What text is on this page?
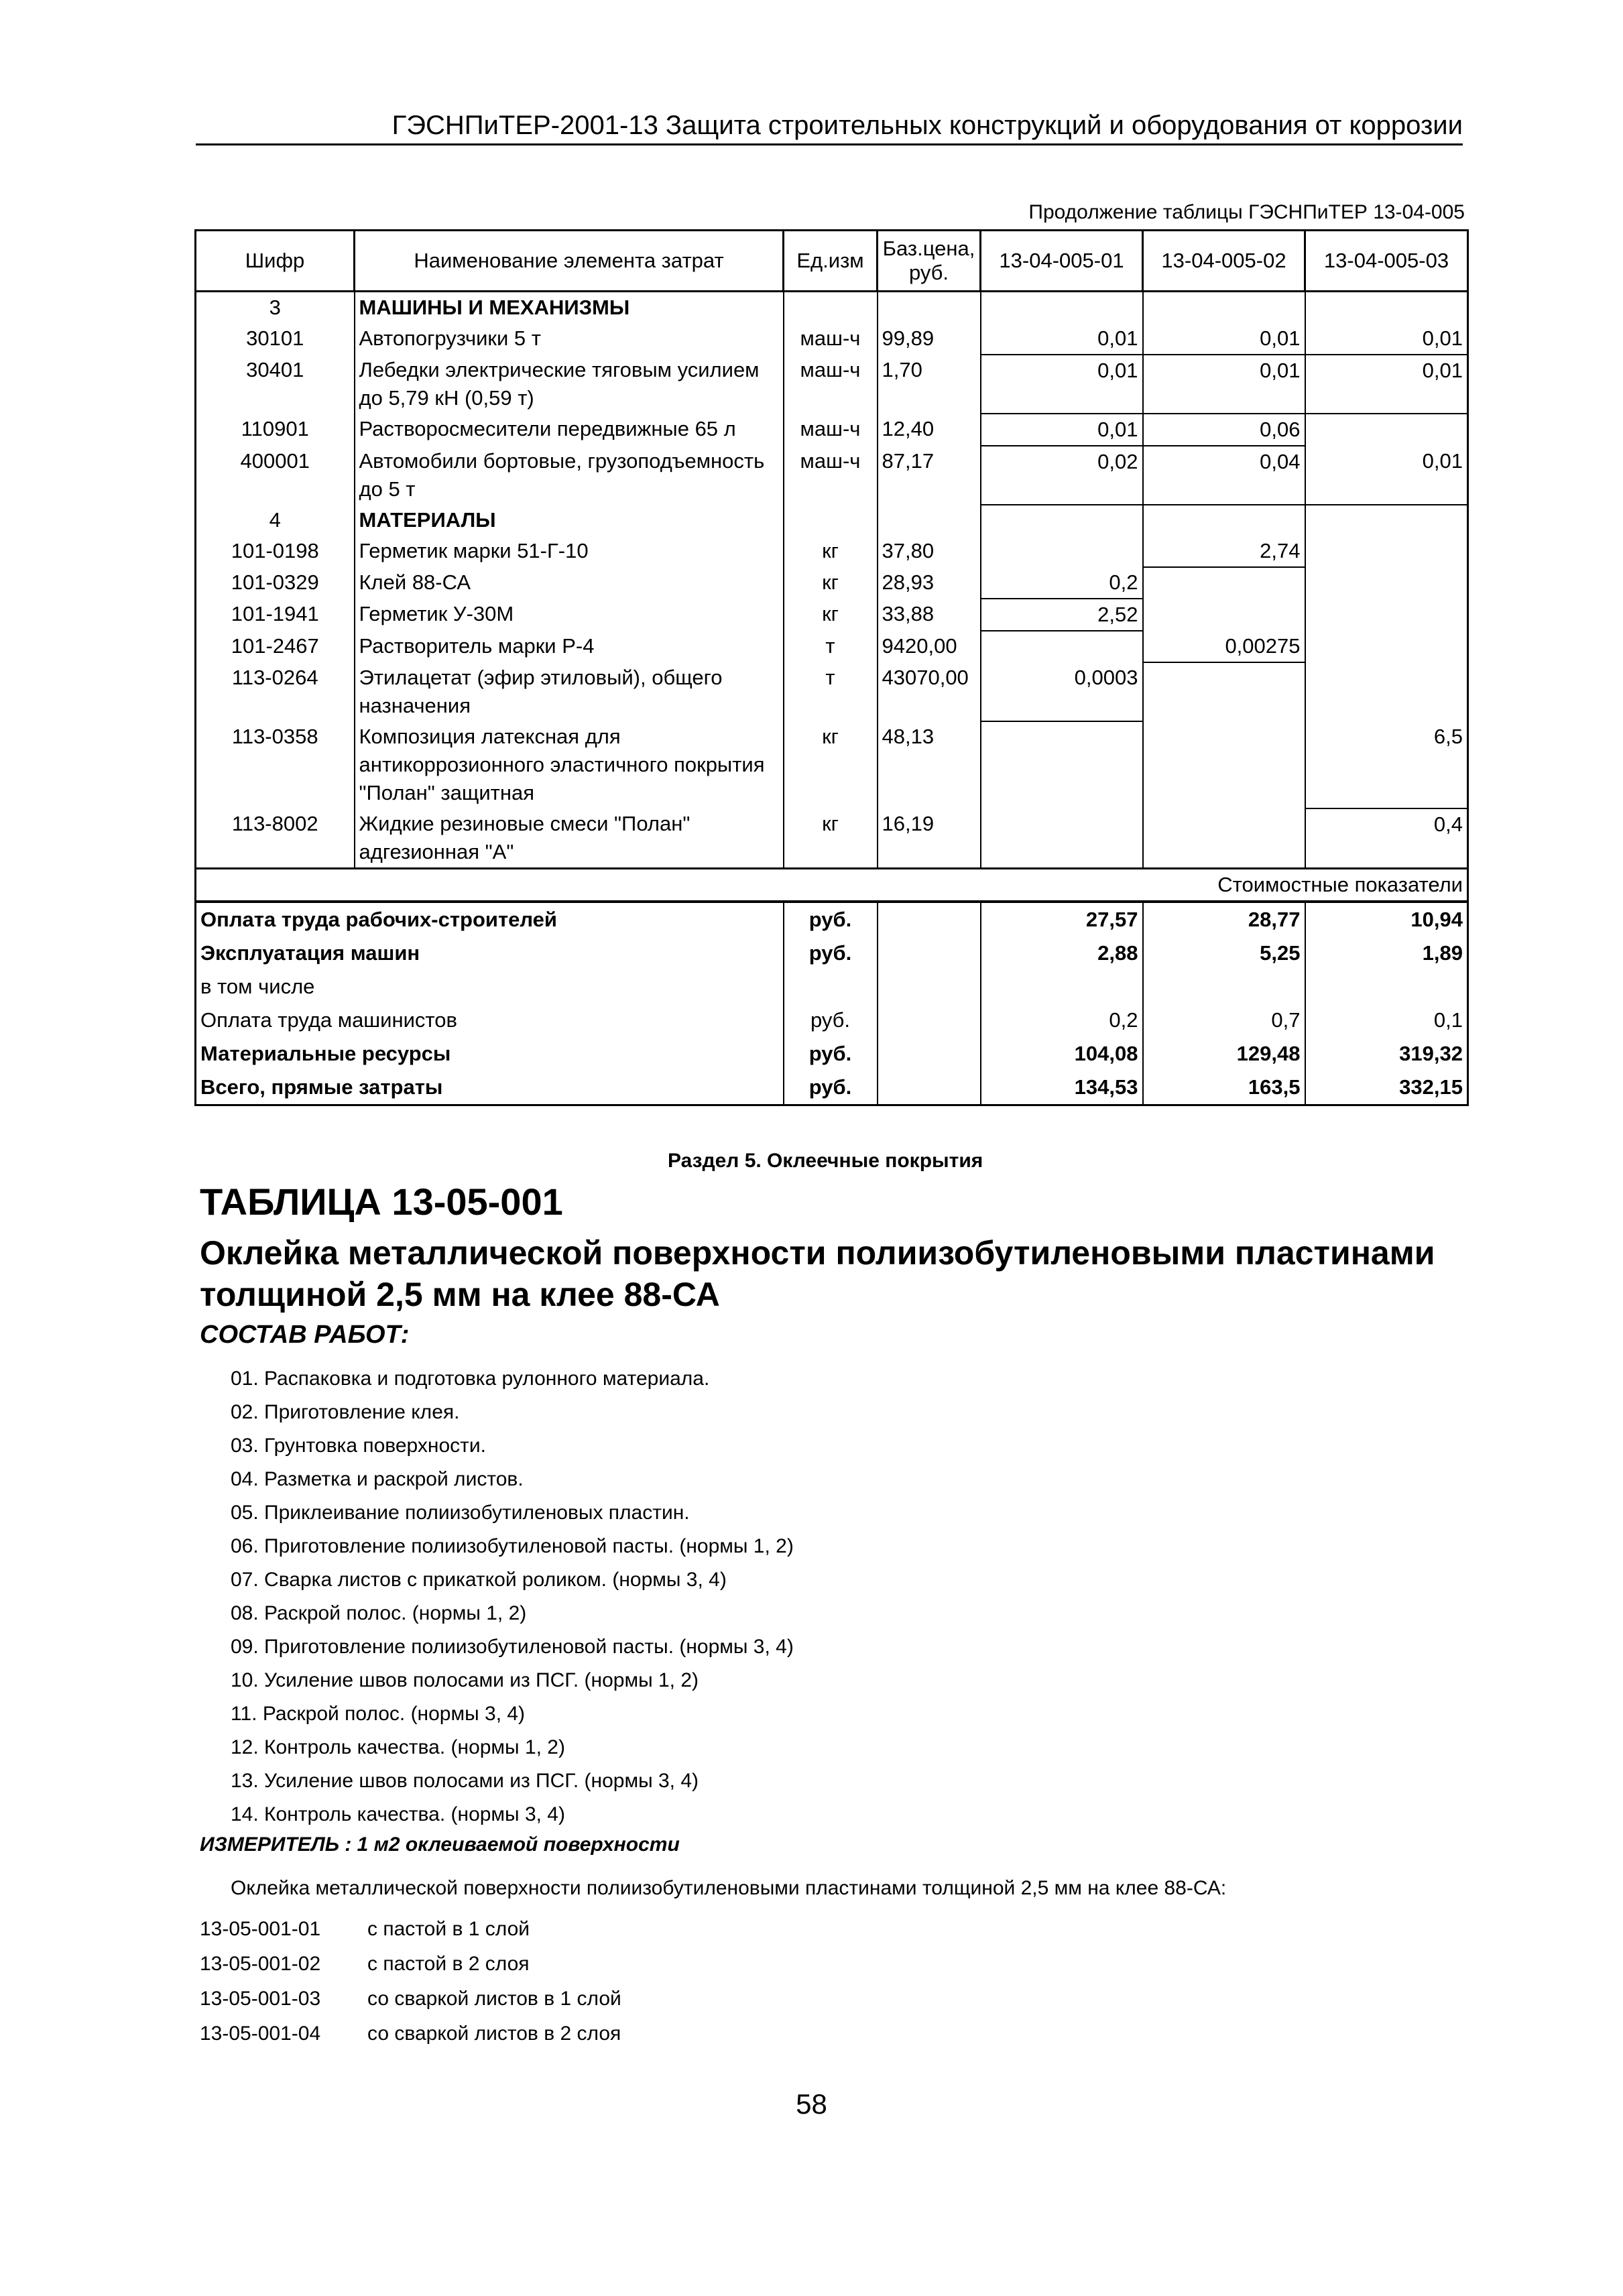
ГЭСНПиТЕР-2001-13 Защита строительных конструкций и оборудования от коррозии
Продолжение таблицы ГЭСНПиТЕР 13-04-005
Шифр	Наименование элемента затрат	Ед.изм	Баз.цена, руб.	13-04-005-01	13-04-005-02	13-04-005-03
3	МАШИНЫ И МЕХАНИЗМЫ					
30101	Автопогрузчики 5 т	маш-ч	99,89	0,01	0,01	0,01
30401	Лебедки электрические тяговым усилием до 5,79 кН (0,59 т)	маш-ч	1,70	0,01	0,01	0,01
110901	Растворосмесители передвижные 65 л	маш-ч	12,40	0,01	0,06	
400001	Автомобили бортовые, грузоподъемность до 5 т	маш-ч	87,17	0,02	0,04	0,01
4	МАТЕРИАЛЫ					
101-0198	Герметик марки 51-Г-10	кг	37,80		2,74	
101-0329	Клей 88-СА	кг	28,93	0,2		
101-1941	Герметик У-30М	кг	33,88	2,52		
101-2467	Растворитель марки Р-4	т	9420,00		0,00275	
113-0264	Этилацетат (эфир этиловый), общего назначения	т	43070,00	0,0003		
113-0358	Композиция латексная для антикоррозионного эластичного покрытия "Полан" защитная	кг	48,13			6,5
113-8002	Жидкие резиновые смеси "Полан" адгезионная "А"	кг	16,19			0,4
Стоимостные показатели						
Оплата труда рабочих-строителей		руб.		27,57	28,77	10,94
Эксплуатация машин		руб.		2,88	5,25	1,89
в том числе						
Оплата труда машинистов		руб.		0,2	0,7	0,1
Материальные ресурсы		руб.		104,08	129,48	319,32
Всего, прямые затраты		руб.		134,53	163,5	332,15
Раздел 5. Оклеечные покрытия
ТАБЛИЦА 13-05-001
Оклейка металлической поверхности полиизобутиленовыми пластинами толщиной 2,5 мм на клее 88-СА
СОСТАВ РАБОТ:
01. Распаковка и подготовка рулонного материала.
02. Приготовление клея.
03. Грунтовка поверхности.
04. Разметка и раскрой листов.
05. Приклеивание полиизобутиленовых пластин.
06. Приготовление полиизобутиленовой пасты. (нормы 1, 2)
07. Сварка листов с прикаткой роликом. (нормы 3, 4)
08. Раскрой полос. (нормы 1, 2)
09. Приготовление полиизобутиленовой пасты. (нормы 3, 4)
10. Усиление швов полосами из ПСГ. (нормы 1, 2)
11. Раскрой полос. (нормы 3, 4)
12. Контроль качества. (нормы 1, 2)
13. Усиление швов полосами из ПСГ. (нормы 3, 4)
14. Контроль качества. (нормы 3, 4)
ИЗМЕРИТЕЛЬ : 1 м2 оклеиваемой поверхности
Оклейка металлической поверхности полиизобутиленовыми пластинами толщиной 2,5 мм на клее 88-СА:
13-05-001-01 с пастой в 1 слой
13-05-001-02 с пастой в 2 слоя
13-05-001-03 со сваркой листов в 1 слой
13-05-001-04 со сваркой листов в 2 слоя
58
